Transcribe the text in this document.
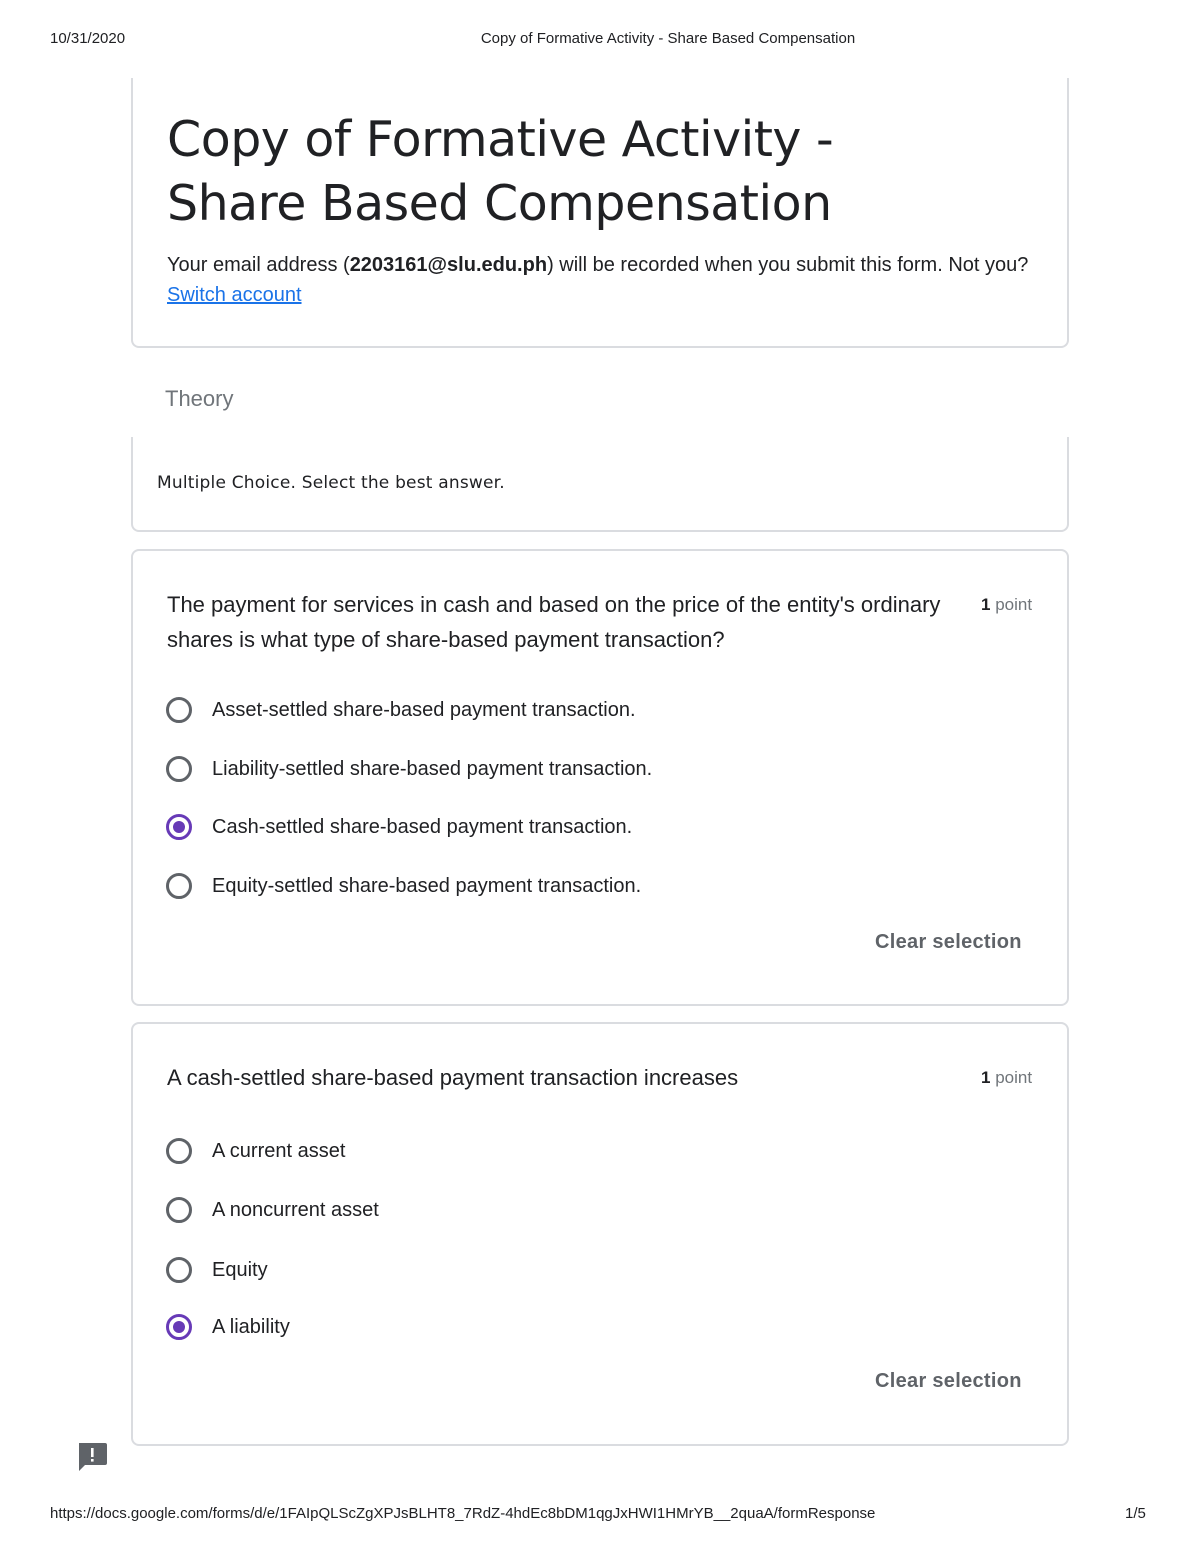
10/31/2020	Copy of Formative Activity - Share Based Compensation
Copy of Formative Activity - Share Based Compensation
Your email address (2203161@slu.edu.ph) will be recorded when you submit this form. Not you? Switch account
Theory
Multiple Choice. Select the best answer.
The payment for services in cash and based on the price of the entity's ordinary shares is what type of share-based payment transaction?
1 point
Asset-settled share-based payment transaction.
Liability-settled share-based payment transaction.
Cash-settled share-based payment transaction.
Equity-settled share-based payment transaction.
Clear selection
A cash-settled share-based payment transaction increases	1 point
A current asset
A noncurrent asset
Equity
A liability
Clear selection
https://docs.google.com/forms/d/e/1FAIpQLScZgXPJsBLHT8_7RdZ-4hdEc8bDM1qgJxHWI1HMrYB__2quaA/formResponse	1/5
